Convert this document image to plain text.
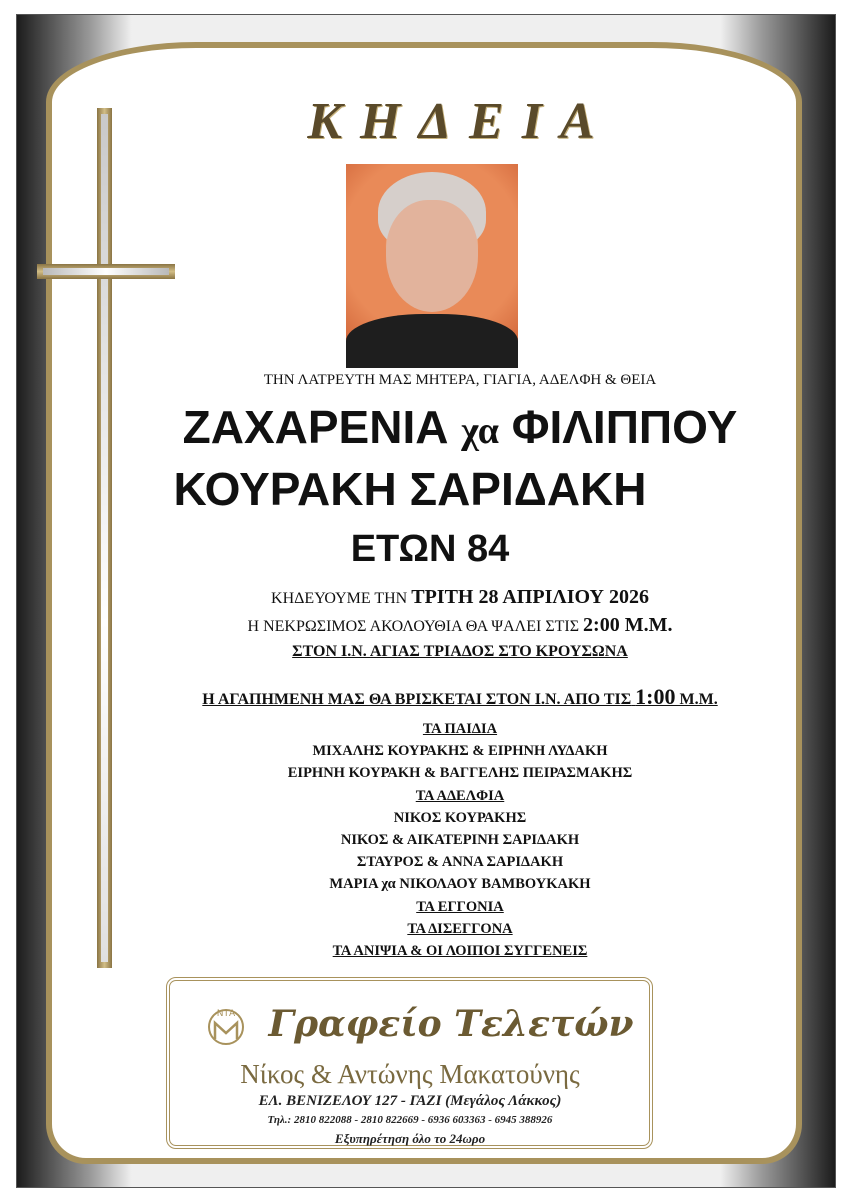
ΚΗΔΕΙΑ
ΤΗΝ ΛΑΤΡΕΥΤΗ ΜΑΣ ΜΗΤΕΡΑ, ΓΙΑΓΙΑ, ΑΔΕΛΦΗ & ΘΕΙΑ
ΖΑΧΑΡΕΝΙΑ χα ΦΙΛΙΠΠΟΥ
ΚΟΥΡΑΚΗ ΣΑΡΙΔΑΚΗ
ΕΤΩΝ 84
ΚΗΔΕΥΟΥΜΕ ΤΗΝ ΤΡΙΤΗ 28 ΑΠΡΙΛΙΟΥ 2026
Η ΝΕΚΡΩΣΙΜΟΣ ΑΚΟΛΟΥΘΙΑ ΘΑ ΨΑΛΕΙ ΣΤΙΣ 2:00 Μ.Μ.
ΣΤΟΝ Ι.Ν. ΑΓΙΑΣ ΤΡΙΑΔΟΣ ΣΤΟ ΚΡΟΥΣΩΝΑ
Η ΑΓΑΠΗΜΕΝΗ ΜΑΣ ΘΑ ΒΡΙΣΚΕΤΑΙ ΣΤΟΝ Ι.Ν. ΑΠΟ ΤΙΣ 1:00 Μ.Μ.
ΤΑ ΠΑΙΔΙΑ
ΜΙΧΑΛΗΣ ΚΟΥΡΑΚΗΣ & ΕΙΡΗΝΗ ΛΥΔΑΚΗ
ΕΙΡΗΝΗ ΚΟΥΡΑΚΗ & ΒΑΓΓΕΛΗΣ ΠΕΙΡΑΣΜΑΚΗΣ
ΤΑ ΑΔΕΛΦΙΑ
ΝΙΚΟΣ ΚΟΥΡΑΚΗΣ
ΝΙΚΟΣ & ΑΙΚΑΤΕΡΙΝΗ ΣΑΡΙΔΑΚΗ
ΣΤΑΥΡΟΣ & ΑΝΝΑ ΣΑΡΙΔΑΚΗ
ΜΑΡΙΑ χα ΝΙΚΟΛΑΟΥ ΒΑΜΒΟΥΚΑΚΗ
ΤΑ ΕΓΓΟΝΙΑ
ΤΑ ΔΙΣΕΓΓΟΝΑ
ΤΑ ΑΝΙΨΙΑ & ΟΙ ΛΟΙΠΟΙ ΣΥΓΓΕΝΕΙΣ
ΝΤΑ Γραφείο Τελετών
Νίκος & Αντώνης Μακατούνης
ΕΛ. ΒΕΝΙΖΕΛΟΥ 127 - ΓΑΖΙ (Μεγάλος Λάκκος)
Τηλ.: 2810 822088 - 2810 822669 - 6936 603363 - 6945 388926
Εξυπηρέτηση όλο το 24ωρο
